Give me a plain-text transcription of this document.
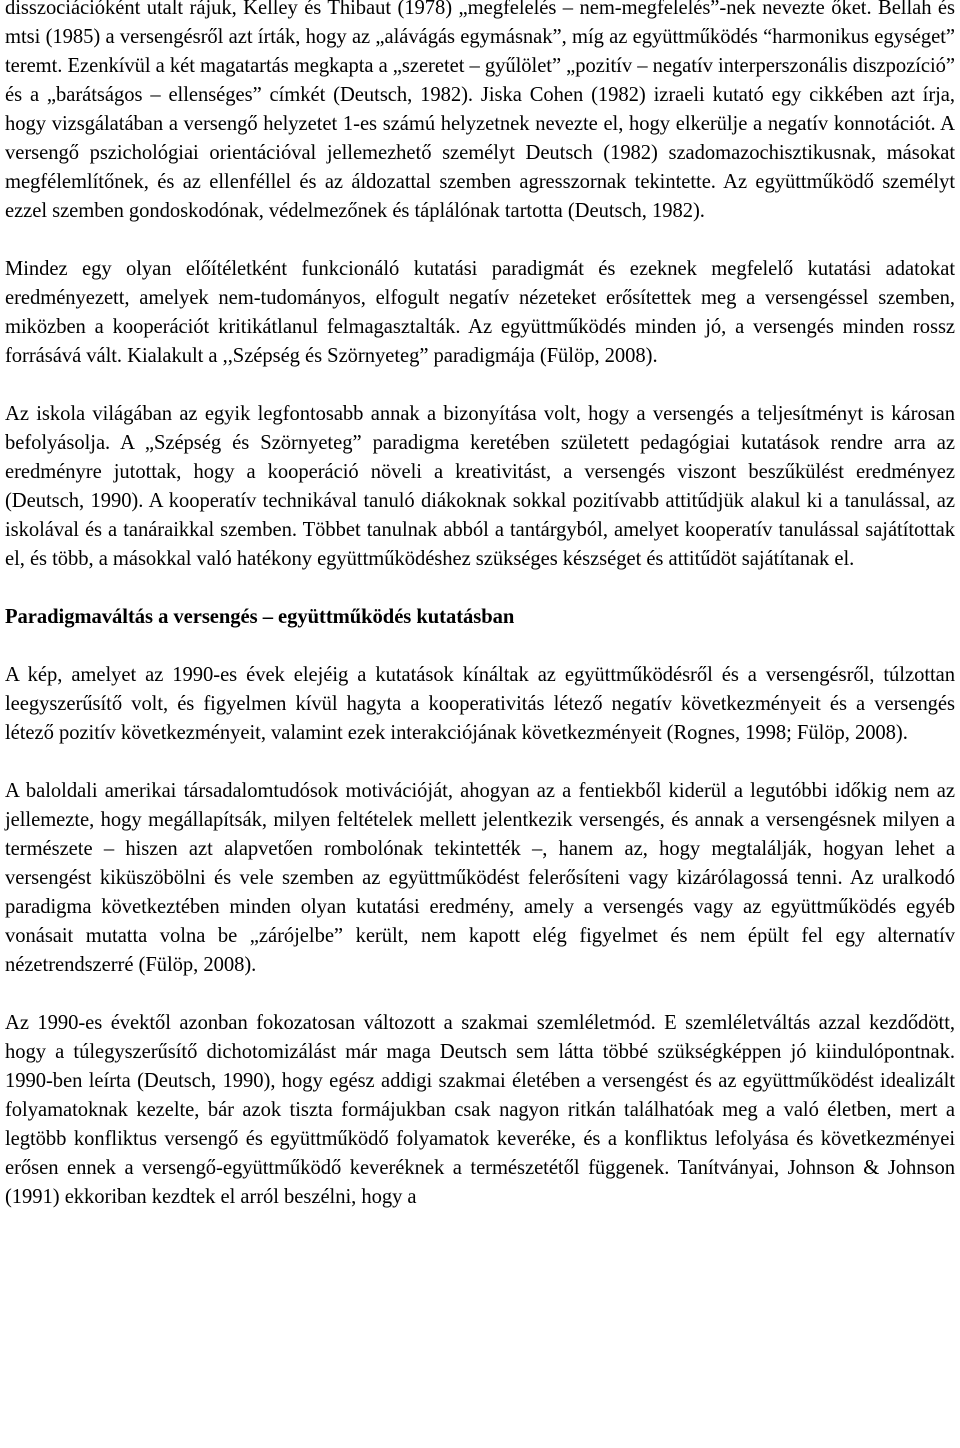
disszociációként utalt rájuk, Kelley és Thibaut (1978) „megfelelés – nem-megfelelés”-nek nevezte őket. Bellah és mtsi (1985) a versengésről azt írták, hogy az „alávágás egymásnak”, míg az együttműködés “harmonikus egységet” teremt. Ezenkívül a két magatartás megkapta a „szeretet – gyűlölet” „pozitív – negatív interperszonális diszpozíció” és a „barátságos – ellenséges” címkét (Deutsch, 1982). Jiska Cohen (1982) izraeli kutató egy cikkében azt írja, hogy vizsgálatában a versengő helyzetet 1-es számú helyzetnek nevezte el, hogy elkerülje a negatív konnotációt. A versengő pszichológiai orientációval jellemezhető személyt Deutsch (1982) szadomazochisztikusnak, másokat megfélemlítőnek, és az ellenféllel és az áldozattal szemben agresszornak tekintette. Az együttműködő személyt ezzel szemben gondoskodónak, védelmezőnek és táplálónak tartotta (Deutsch, 1982).

Mindez egy olyan előítéletként funkcionáló kutatási paradigmát és ezeknek megfelelő kutatási adatokat eredményezett, amelyek nem-tudományos, elfogult negatív nézeteket erősítettek meg a versengéssel szemben, miközben a kooperációt kritikátlanul felmagasztalták. Az együttműködés minden jó, a versengés minden rossz forrásává vált. Kialakult a ,,Szépség és Szörnyeteg” paradigmája (Fülöp, 2008).

Az iskola világában az egyik legfontosabb annak a bizonyítása volt, hogy a versengés a teljesítményt is károsan befolyásolja. A „Szépség és Szörnyeteg” paradigma keretében született pedagógiai kutatások rendre arra az eredményre jutottak, hogy a kooperáció növeli a kreativitást, a versengés viszont beszűkülést eredményez (Deutsch, 1990). A kooperatív technikával tanuló diákoknak sokkal pozitívabb attitűdjük alakul ki a tanulással, az iskolával és a tanáraikkal szemben. Többet tanulnak abból a tantárgyból, amelyet kooperatív tanulással sajátítottak el, és több, a másokkal való hatékony együttműködéshez szükséges készséget és attitűdöt sajátítanak el.

Paradigmaváltás a versengés – együttműködés kutatásban

A kép, amelyet az 1990-es évek elejéig a kutatások kínáltak az együttműködésről és a versengésről, túlzottan leegyszerűsítő volt, és figyelmen kívül hagyta a kooperativitás létező negatív következményeit és a versengés létező pozitív következményeit, valamint ezek interakciójának következményeit (Rognes, 1998; Fülöp, 2008).

A baloldali amerikai társadalomtudósok motivációját, ahogyan az a fentiekből kiderül a legutóbbi időkig nem az jellemezte, hogy megállapítsák, milyen feltételek mellett jelentkezik versengés, és annak a versengésnek milyen a természete – hiszen azt alapvetően rombolónak tekintették –, hanem az, hogy megtalálják, hogyan lehet a versengést kiküszöbölni és vele szemben az együttműködést felerősíteni vagy kizárólagossá tenni. Az uralkodó paradigma következtében minden olyan kutatási eredmény, amely a versengés vagy az együttműködés egyéb vonásait mutatta volna be „zárójelbe” került, nem kapott elég figyelmet és nem épült fel egy alternatív nézetrendszerré (Fülöp, 2008).

Az 1990-es évektől azonban fokozatosan változott a szakmai szemléletmód. E szemléletváltás azzal kezdődött, hogy a túlegyszerűsítő dichotomizálást már maga Deutsch sem látta többé szükségképpen jó kiindulópontnak. 1990-ben leírta (Deutsch, 1990), hogy egész addigi szakmai életében a versengést és az együttműködést idealizált folyamatoknak kezelte, bár azok tiszta formájukban csak nagyon ritkán találhatóak meg a való életben, mert a legtöbb konfliktus versengő és együttműködő folyamatok keveréke, és a konfliktus lefolyása és következményei erősen ennek a versengő-együttműködő keveréknek a természetétől függenek. Tanítványai, Johnson & Johnson (1991) ekkoriban kezdtek el arról beszélni, hogy a
